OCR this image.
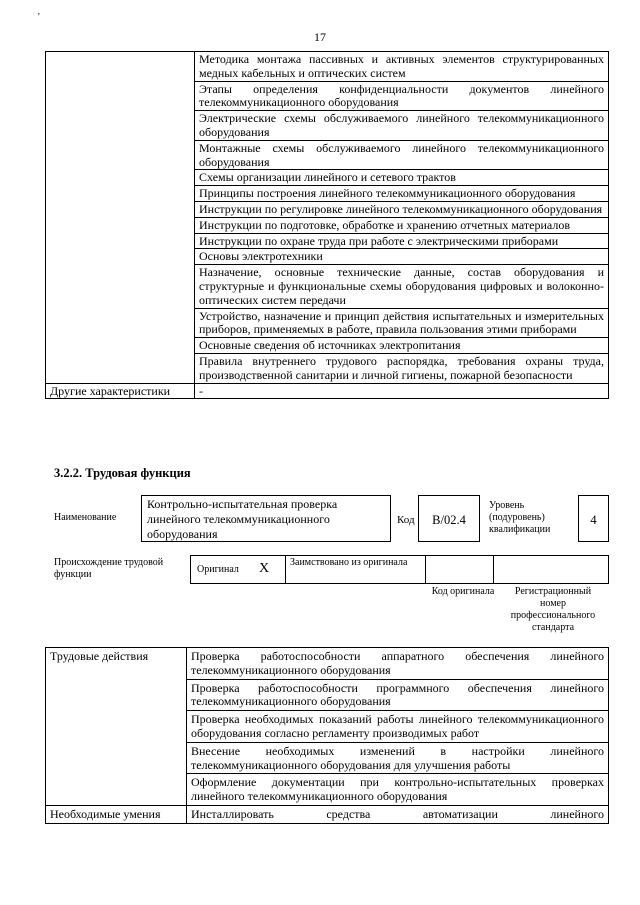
'
17
	Методика монтажа пассивных и активных элементов структурированных медных кабельных и оптических систем
	Этапы определения конфиденциальности документов линейного телекоммуникационного оборудования
	Электрические схемы обслуживаемого линейного телекоммуникационного оборудования
	Монтажные схемы обслуживаемого линейного телекоммуникационного оборудования
	Схемы организации линейного и сетевого трактов
	Принципы построения линейного телекоммуникационного оборудования
	Инструкции по регулировке линейного телекоммуникационного оборудования
	Инструкции по подготовке, обработке и хранению отчетных материалов
	Инструкции по охране труда при работе с электрическими приборами
	Основы электротехники
	Назначение, основные технические данные, состав оборудования и структурные и функциональные схемы оборудования цифровых и волоконно-оптических систем передачи
	Устройство, назначение и принцип действия испытательных и измерительных приборов, применяемых в работе, правила пользования этими приборами
	Основные сведения об источниках электропитания
	Правила внутреннего трудового распорядка, требования охраны труда, производственной санитарии и личной гигиены, пожарной безопасности
Другие характеристики	-
3.2.2. Трудовая функция
Наименование
Контрольно-испытательная проверка линейного телекоммуникационного оборудования
Код	B/02.4
Уровень (подуровень) квалификации
4
Происхождение трудовой функции	Оригинал X Заимствовано из оригинала
Код оригинала	Регистрационный номер профессионального стандарта
Трудовые действия	Проверка работоспособности аппаратного обеспечения линейного телекоммуникационного оборудования
	Проверка работоспособности программного обеспечения линейного телекоммуникационного оборудования
	Проверка необходимых показаний работы линейного телекоммуникационного оборудования согласно регламенту производимых работ
	Внесение необходимых изменений в настройки линейного телекоммуникационного оборудования для улучшения работы
	Оформление документации при контрольно-испытательных проверках линейного телекоммуникационного оборудования
Необходимые умения	Инсталлировать средства автоматизации линейного
